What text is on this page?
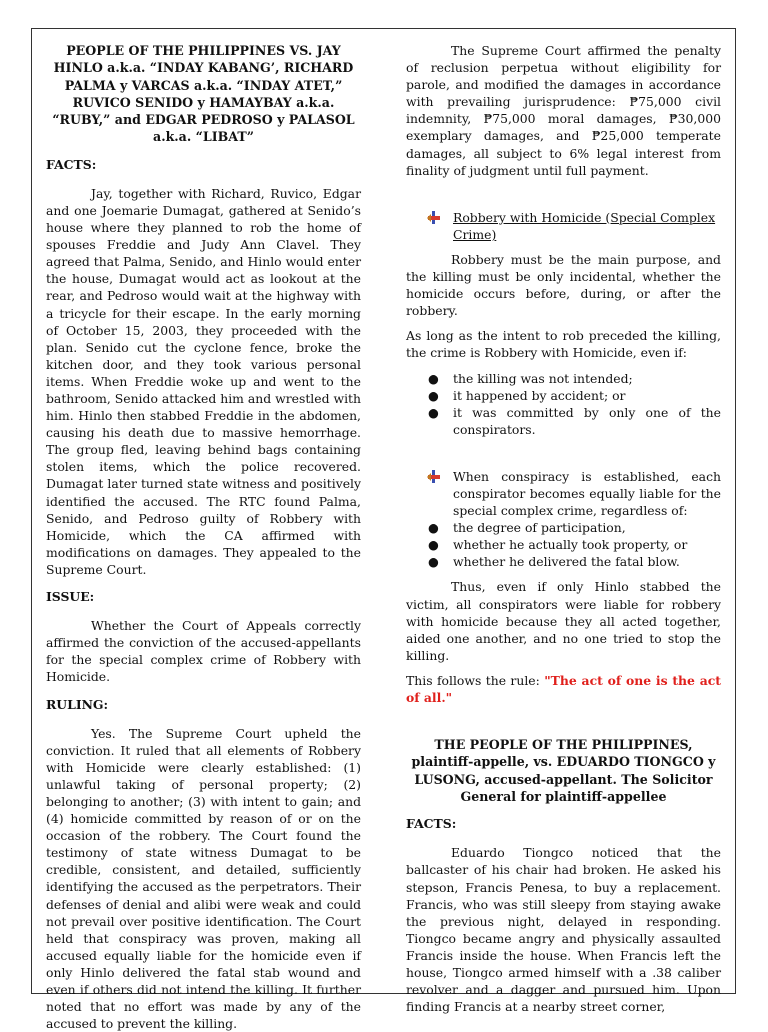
PEOPLE OF THE PHILIPPINES VS. JAY HINLO a.k.a. “INDAY KABANG’, RICHARD PALMA y VARCAS a.k.a. “INDAY ATET,” RUVICO SENIDO y HAMAYBAY a.k.a. “RUBY,” and EDGAR PEDROSO y PALASOL a.k.a. “LIBAT”

FACTS:

Jay, together with Richard, Ruvico, Edgar and one Joemarie Dumagat, gathered at Senido’s house where they planned to rob the home of spouses Freddie and Judy Ann Clavel. They agreed that Palma, Senido, and Hinlo would enter the house, Dumagat would act as lookout at the rear, and Pedroso would wait at the highway with a tricycle for their escape. In the early morning of October 15, 2003, they proceeded with the plan. Senido cut the cyclone fence, broke the kitchen door, and they took various personal items. When Freddie woke up and went to the bathroom, Senido attacked him and wrestled with him. Hinlo then stabbed Freddie in the abdomen, causing his death due to massive hemorrhage. The group fled, leaving behind bags containing stolen items, which the police recovered. Dumagat later turned state witness and positively identified the accused. The RTC found Palma, Senido, and Pedroso guilty of Robbery with Homicide, which the CA affirmed with modifications on damages. They appealed to the Supreme Court.

ISSUE:

Whether the Court of Appeals correctly affirmed the conviction of the accused-appellants for the special complex crime of Robbery with Homicide.

RULING:

Yes. The Supreme Court upheld the conviction. It ruled that all elements of Robbery with Homicide were clearly established: (1) unlawful taking of personal property; (2) belonging to another; (3) with intent to gain; and (4) homicide committed by reason of or on the occasion of the robbery. The Court found the testimony of state witness Dumagat to be credible, consistent, and detailed, sufficiently identifying the accused as the perpetrators. Their defenses of denial and alibi were weak and could not prevail over positive identification. The Court held that conspiracy was proven, making all accused equally liable for the homicide even if only Hinlo delivered the fatal stab wound and even if others did not intend the killing. It further noted that no effort was made by any of the accused to prevent the killing.

The Supreme Court affirmed the penalty of reclusion perpetua without eligibility for parole, and modified the damages in accordance with prevailing jurisprudence: ₱75,000 civil indemnity, ₱75,000 moral damages, ₱30,000 exemplary damages, and ₱25,000 temperate damages, all subject to 6% legal interest from finality of judgment until full payment.

Robbery with Homicide (Special Complex Crime)

Robbery must be the main purpose, and the killing must be only incidental, whether the homicide occurs before, during, or after the robbery.

As long as the intent to rob preceded the killing, the crime is Robbery with Homicide, even if:

● the killing was not intended;
● it happened by accident; or
● it was committed by only one of the conspirators.

When conspiracy is established, each conspirator becomes equally liable for the special complex crime, regardless of:

● the degree of participation,
● whether he actually took property, or
● whether he delivered the fatal blow.

Thus, even if only Hinlo stabbed the victim, all conspirators were liable for robbery with homicide because they all acted together, aided one another, and no one tried to stop the killing.

This follows the rule: "The act of one is the act of all."

THE PEOPLE OF THE PHILIPPINES, plaintiff-appelle, vs. EDUARDO TIONGCO y LUSONG, accused-appellant. The Solicitor General for plaintiff-appellee

FACTS:

Eduardo Tiongco noticed that the ballcaster of his chair had broken. He asked his stepson, Francis Penesa, to buy a replacement. Francis, who was still sleepy from staying awake the previous night, delayed in responding. Tiongco became angry and physically assaulted Francis inside the house. When Francis left the house, Tiongco armed himself with a .38 caliber revolver and a dagger and pursued him. Upon finding Francis at a nearby street corner,
